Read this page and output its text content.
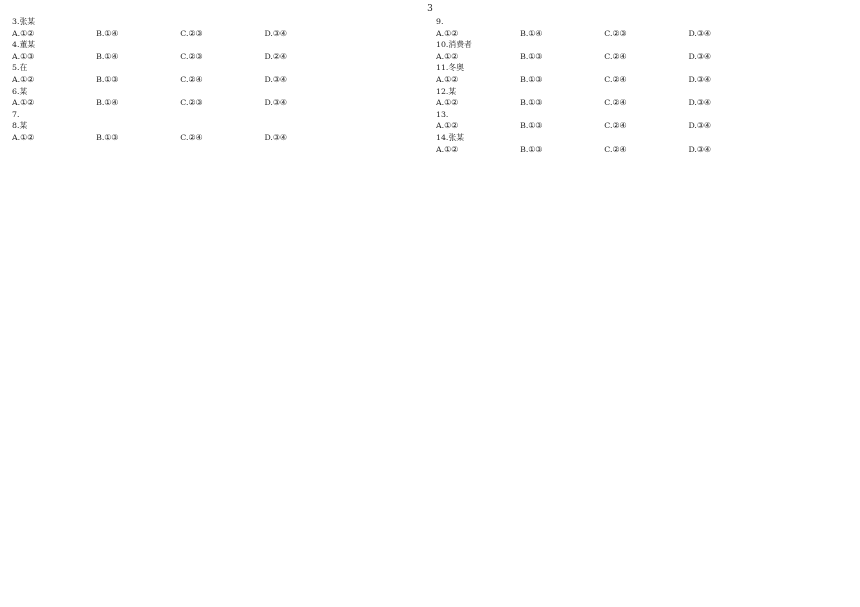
3
3.张某
A.①②	B.①④	C.②③	D.③④
4.董某
A.①③	B.①④	C.②③	D.②④
5.在
A.①②	B.①③	C.②④	D.③④
6.某
A.①②	B.①④	C.②③	D.③④
7.
8.某
A.①②	B.①③	C.②④	D.③④
9.
A.①②	B.①④	C.②③	D.③④
10.消费者
A.①②	B.①③	C.②④	D.③④
11.冬奥
A.①②	B.①③	C.②④	D.③④
12.某
A.①②	B.①③	C.②④	D.③④
13.
A.①②	B.①③	C.②④	D.③④
14.张某
A.①②	B.①③	C.②④	D.③④
